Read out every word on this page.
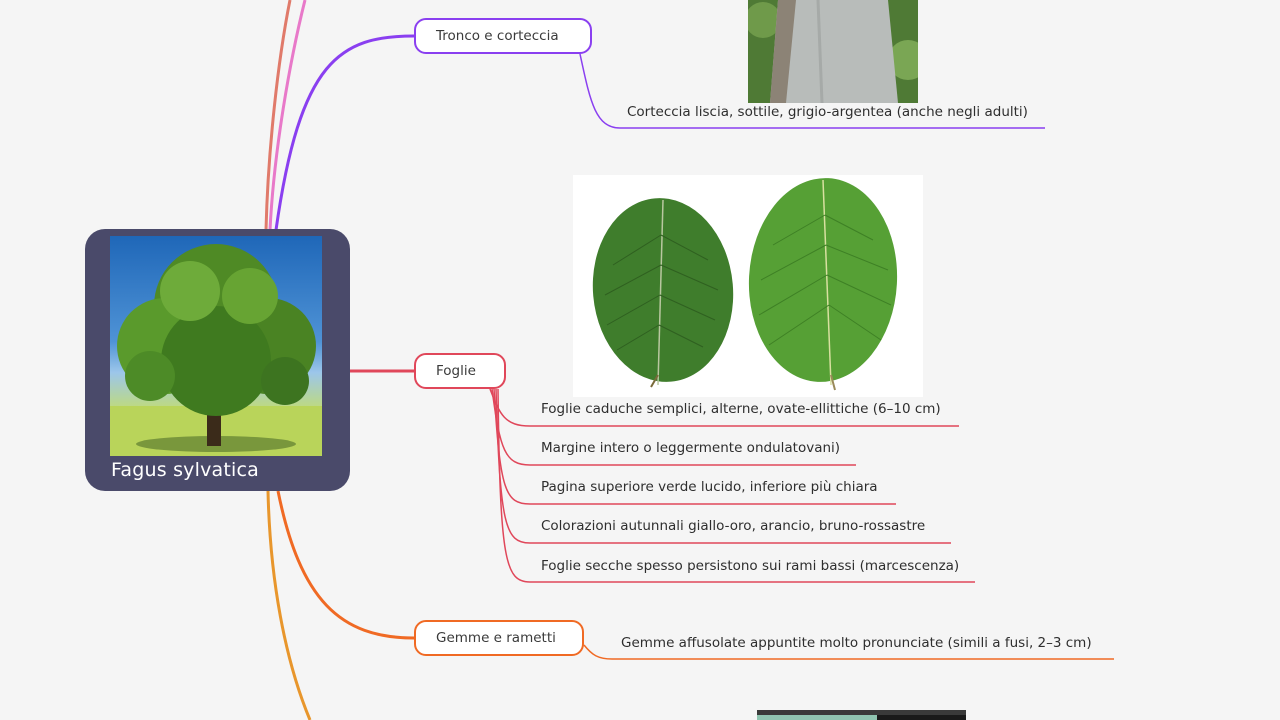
Fagus sylvatica
Tronco e corteccia
Corteccia liscia, sottile, grigio-argentea (anche negli adulti)
Foglie
Foglie caduche semplici, alterne, ovate-ellittiche (6–10 cm)
Margine intero o leggermente ondulatovani)
Pagina superiore verde lucido, inferiore più chiara
Colorazioni autunnali giallo-oro, arancio, bruno-rossastre
Foglie secche spesso persistono sui rami bassi (marcescenza)
Gemme e rametti	Gemme affusolate appuntite molto pronunciate (simili a fusi, 2–3 cm)
